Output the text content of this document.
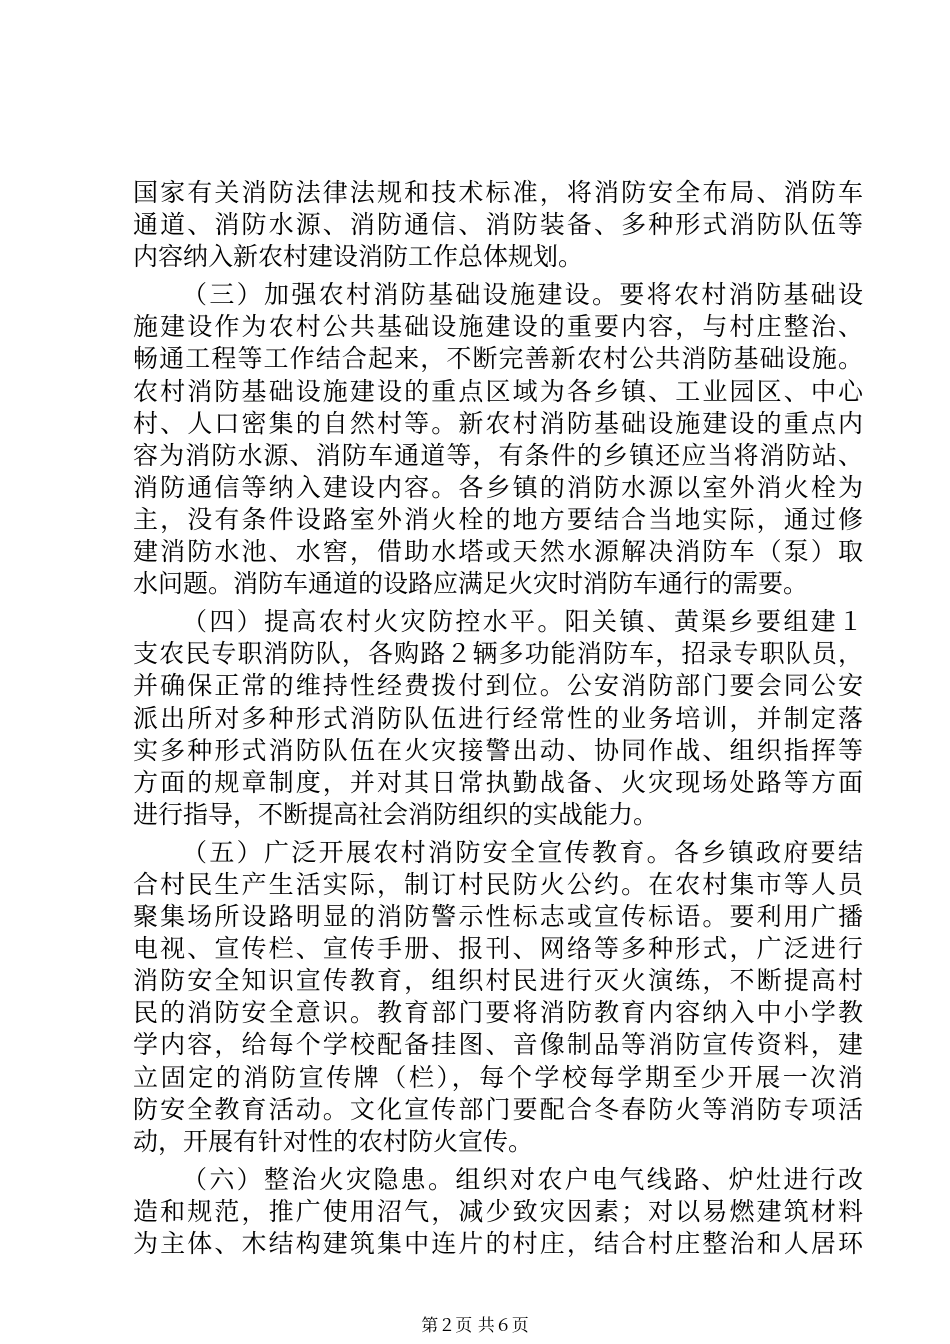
国家有关消防法律法规和技术标准，将消防安全布局、消防车
通道、消防水源、消防通信、消防装备、多种形式消防队伍等
内容纳入新农村建设消防工作总体规划。
（三）加强农村消防基础设施建设。要将农村消防基础设
施建设作为农村公共基础设施建设的重要内容，与村庄整治、
畅通工程等工作结合起来，不断完善新农村公共消防基础设施。
农村消防基础设施建设的重点区域为各乡镇、工业园区、中心
村、人口密集的自然村等。新农村消防基础设施建设的重点内
容为消防水源、消防车通道等，有条件的乡镇还应当将消防站、
消防通信等纳入建设内容。各乡镇的消防水源以室外消火栓为
主，没有条件设路室外消火栓的地方要结合当地实际，通过修
建消防水池、水窖，借助水塔或天然水源解决消防车（泵）取
水问题。消防车通道的设路应满足火灾时消防车通行的需要。
（四）提高农村火灾防控水平。阳关镇、黄渠乡要组建１
支农民专职消防队，各购路２辆多功能消防车，招录专职队员，
并确保正常的维持性经费拨付到位。公安消防部门要会同公安
派出所对多种形式消防队伍进行经常性的业务培训，并制定落
实多种形式消防队伍在火灾接警出动、协同作战、组织指挥等
方面的规章制度，并对其日常执勤战备、火灾现场处路等方面
进行指导，不断提高社会消防组织的实战能力。
（五）广泛开展农村消防安全宣传教育。各乡镇政府要结
合村民生产生活实际，制订村民防火公约。在农村集市等人员
聚集场所设路明显的消防警示性标志或宣传标语。要利用广播
电视、宣传栏、宣传手册、报刊、网络等多种形式，广泛进行
消防安全知识宣传教育，组织村民进行灭火演练，不断提高村
民的消防安全意识。教育部门要将消防教育内容纳入中小学教
学内容，给每个学校配备挂图、音像制品等消防宣传资料，建
立固定的消防宣传牌（栏），每个学校每学期至少开展一次消
防安全教育活动。文化宣传部门要配合冬春防火等消防专项活
动，开展有针对性的农村防火宣传。
（六）整治火灾隐患。组织对农户电气线路、炉灶进行改
造和规范，推广使用沼气，减少致灾因素；对以易燃建筑材料
为主体、木结构建筑集中连片的村庄，结合村庄整治和人居环
第２页 共６页
